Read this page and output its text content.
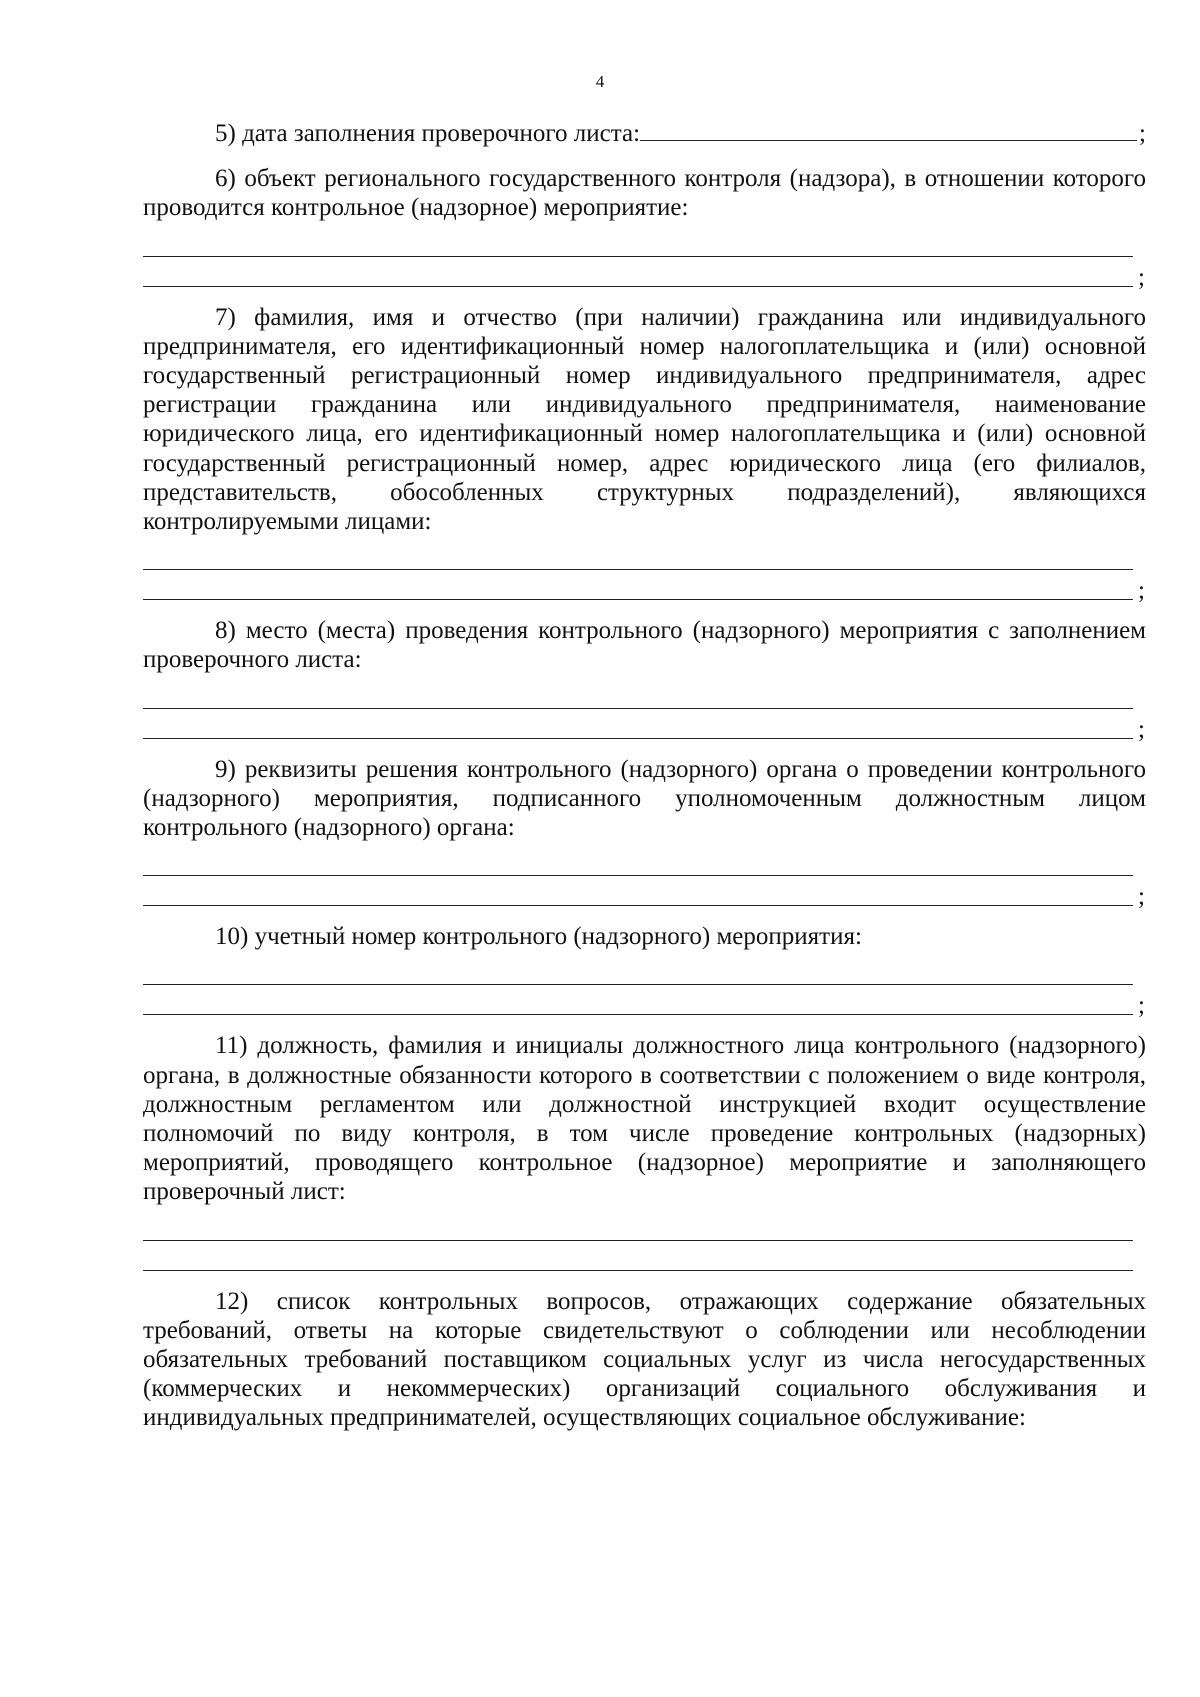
4
5) дата заполнения проверочного листа:	;

6) объект регионального государственного контроля (надзора), в отношении которого проводится контрольное (надзорное) мероприятие:

;

7) фамилия, имя и отчество (при наличии) гражданина или индивидуального предпринимателя, его идентификационный номер налогоплательщика и (или) основной государственный регистрационный номер индивидуального предпринимателя, адрес регистрации гражданина или индивидуального предпринимателя, наименование юридического лица, его идентификационный номер налогоплательщика и (или) основной государственный регистрационный номер, адрес юридического лица (его филиалов, представительств, обособленных структурных подразделений), являющихся контролируемыми лицами:

;

8) место (места) проведения контрольного (надзорного) мероприятия с заполнением проверочного листа:

;

9) реквизиты решения контрольного (надзорного) органа о проведении контрольного (надзорного) мероприятия, подписанного уполномоченным должностным лицом контрольного (надзорного) органа:

;

10) учетный номер контрольного (надзорного) мероприятия:

;

11) должность, фамилия и инициалы должностного лица контрольного (надзорного) органа, в должностные обязанности которого в соответствии с положением о виде контроля, должностным регламентом или должностной инструкцией входит осуществление полномочий по виду контроля, в том числе проведение контрольных (надзорных) мероприятий, проводящего контрольное (надзорное) мероприятие и заполняющего проверочный лист:

12) список контрольных вопросов, отражающих содержание обязательных требований, ответы на которые свидетельствуют о соблюдении или несоблюдении обязательных требований поставщиком социальных услуг из числа негосударственных (коммерческих и некоммерческих) организаций социального обслуживания и индивидуальных предпринимателей, осуществляющих социальное обслуживание:
